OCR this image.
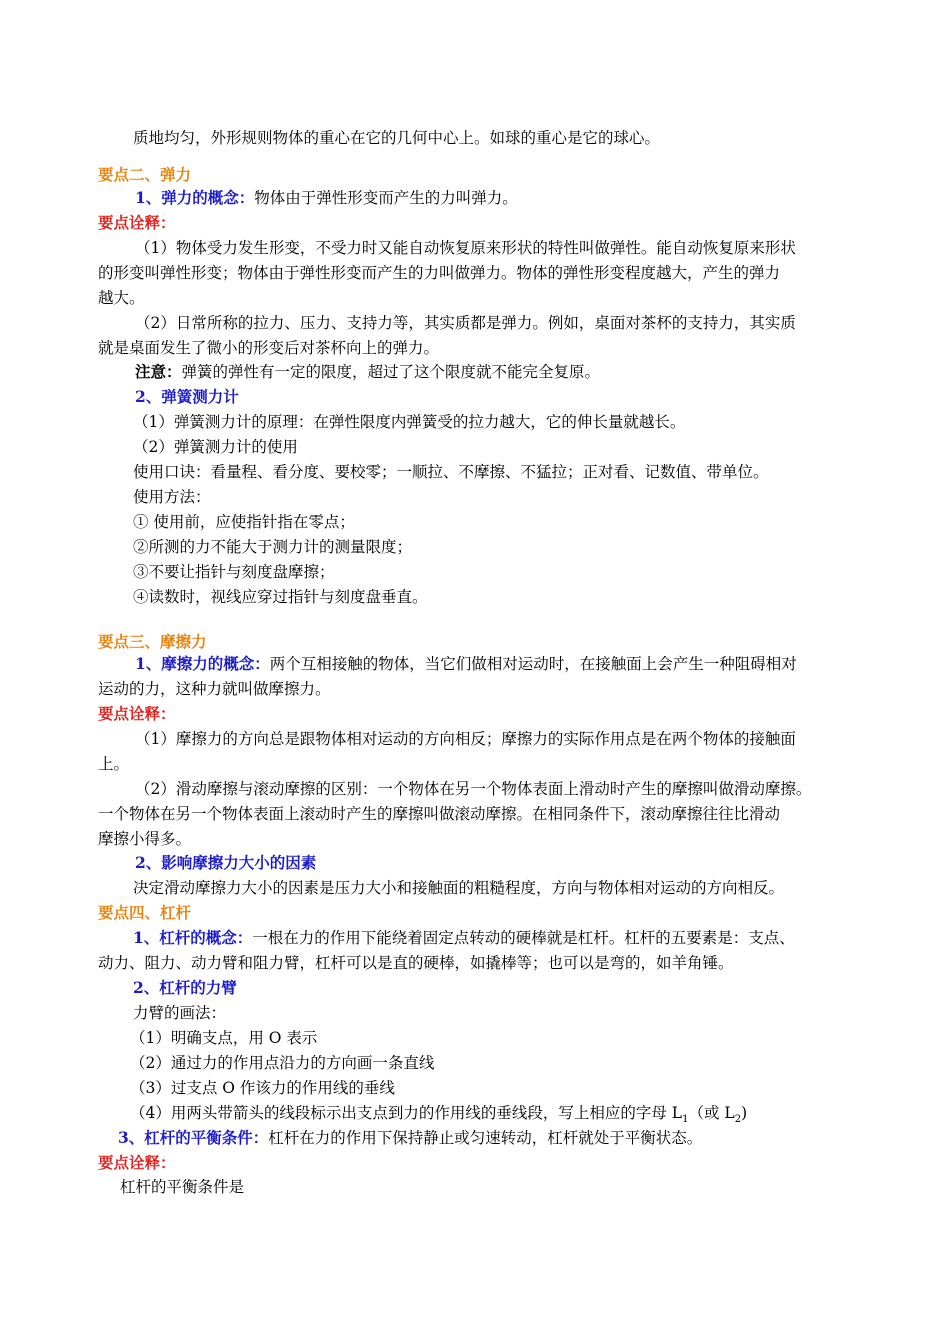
质地均匀，外形规则物体的重心在它的几何中心上。如球的重心是它的球心。
要点二、弹力
1、弹力的概念：物体由于弹性形变而产生的力叫弹力。
要点诠释：
（1）物体受力发生形变，不受力时又能自动恢复原来形状的特性叫做弹性。能自动恢复原来形状
的形变叫弹性形变；物体由于弹性形变而产生的力叫做弹力。物体的弹性形变程度越大，产生的弹力
越大。
（2）日常所称的拉力、压力、支持力等，其实质都是弹力。例如，桌面对茶杯的支持力，其实质
就是桌面发生了微小的形变后对茶杯向上的弹力。
注意：弹簧的弹性有一定的限度，超过了这个限度就不能完全复原。
2、弹簧测力计
（1）弹簧测力计的原理：在弹性限度内弹簧受的拉力越大，它的伸长量就越长。
（2）弹簧测力计的使用
使用口诀：看量程、看分度、要校零；一顺拉、不摩擦、不猛拉；正对看、记数值、带单位。
使用方法：
① 使用前，应使指针指在零点；
②所测的力不能大于测力计的测量限度；
③不要让指针与刻度盘摩擦；
④读数时，视线应穿过指针与刻度盘垂直。
要点三、摩擦力
1、摩擦力的概念：两个互相接触的物体，当它们做相对运动时，在接触面上会产生一种阻碍相对
运动的力，这种力就叫做摩擦力。
要点诠释：
（1）摩擦力的方向总是跟物体相对运动的方向相反；摩擦力的实际作用点是在两个物体的接触面
上。
（2）滑动摩擦与滚动摩擦的区别：一个物体在另一个物体表面上滑动时产生的摩擦叫做滑动摩擦。
一个物体在另一个物体表面上滚动时产生的摩擦叫做滚动摩擦。在相同条件下，滚动摩擦往往比滑动
摩擦小得多。
2、影响摩擦力大小的因素
决定滑动摩擦力大小的因素是压力大小和接触面的粗糙程度，方向与物体相对运动的方向相反。
要点四、杠杆
1、杠杆的概念：一根在力的作用下能绕着固定点转动的硬棒就是杠杆。杠杆的五要素是：支点、
动力、阻力、动力臂和阻力臂，杠杆可以是直的硬棒，如撬棒等；也可以是弯的，如羊角锤。
2、杠杆的力臂
力臂的画法：
（1）明确支点，用 O 表示
（2）通过力的作用点沿力的方向画一条直线
（3）过支点 O 作该力的作用线的垂线
（4）用两头带箭头的线段标示出支点到力的作用线的垂线段，写上相应的字母 $L_1$（或 $L_2$)
3、杠杆的平衡条件：杠杆在力的作用下保持静止或匀速转动，杠杆就处于平衡状态。
要点诠释：
杠杆的平衡条件是
